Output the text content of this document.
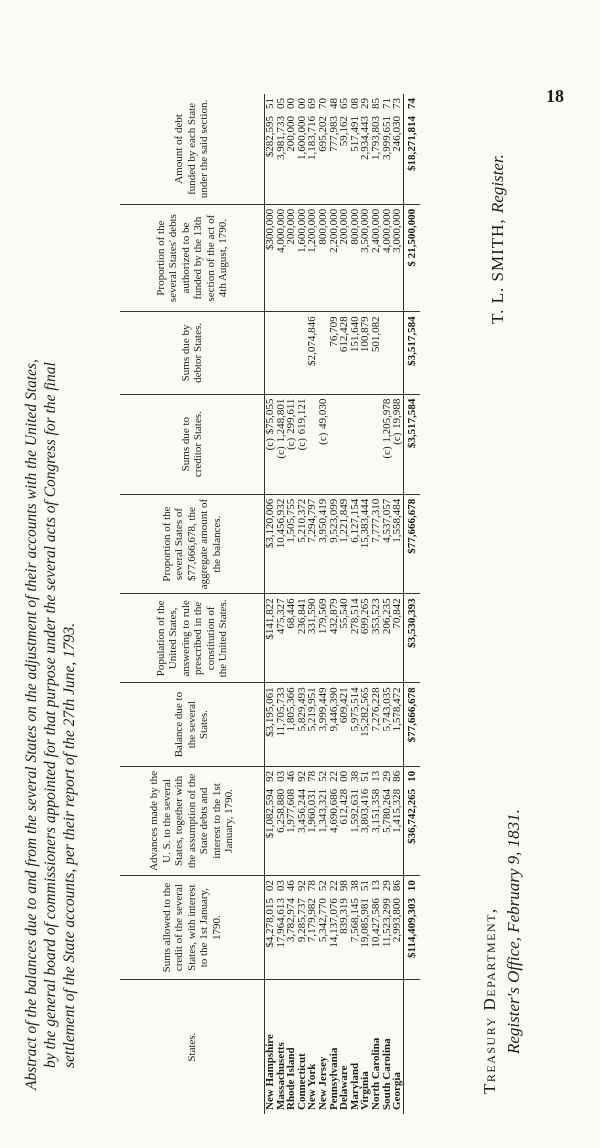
18
Abstract of the balances due to and from the several States on the adjustment of their accounts with the United States, by the general board of commissioners appointed for that purpose under the several acts of Congress for the final settlement of the State accounts, per their report of the 27th June, 1793.	States.	Sums allowed to the credit of the several States, with interest to the 1st January, 1790.	Advances made by the U. S. to the several States, together with the assumption of the State debts and interest to the 1st January, 1790.	Balance due to the several States.	Population of the United States, answering to rule prescribed in the constitution of the United States.	Proportion of the several States of $77,666,678, the aggregate amount of the balances.	Sums due to creditor States.	Sums due by debtor States.	Proportion of the several States' debts authorized to be funded by the 13th section of the act of 4th August, 1790.	Amount of debt funded by each State under the said section.
New Hampshire	$4,278,01502	$1,082,59492	$3,195,061	$141,822	$3,120,006	(c)$75,055		$300,000	$282,59551
Massachusetts	17,964,61303	6,258,88003	11,705,733	475,327	10,456,932	(c)1,248,801		4,000,000	3,981,73305
Rhode Island	3,782,97446	1,977,60846	1,805,366	68,446	1,505,755	(c)299,611		200,000	200,00000
Connecticut	9,285,73792	3,456,24492	5,829,493	236,841	5,210,372	(c)619,121		1,600,000	1,600,00000
New York	7,179,98278	1,960,03178	5,219,951	331,590	7,294,797		$2,074,846	1,200,000	1,183,71669
New Jersey	5,342,77052	1,343,32152	3,999,449	179,569	3,950,419	(c)49,030		800,000	695,20270
Pennsylvania	14,137,07622	4,690,68622	9,446,390	432,879	9,523,099		76,709	2,200,000	777,98348
Delaware	839,31998	612,42800	609,421	55,540	1,221,849		612,428	200,000	59,16265
Maryland	7,568,14538	1,592,63138	5,975,514	278,514	6,127,154		151,640	800,000	517,49108
Virginia	19,085,98151	3,803,41651	15,282,565	699,265	15,383,444		100,879	3,500,000	2,934,44329
North Carolina	10,427,58613	3,151,35813	7,276,228	353,523	7,777,310		501,082	2,400,000	1,793,80385
South Carolina	11,523,29929	5,780,26429	5,743,035	206,235	4,537,057	(c)1,205,978		4,000,000	3,999,65171
Georgia	2,993,80086	1,415,32886	1,578,472	70,842	1,558,484	(c)19,988		3,000,000	246,03073
	$114,409,30310	$36,742,26510	$77,666,678	$3,530,393	$77,666,678	$3,517,584	$3,517,584	$ 21,500,000	$18,271,81474
Treasury Department, Register's Office, February 9, 1831.
T. L. SMITH, Register.
